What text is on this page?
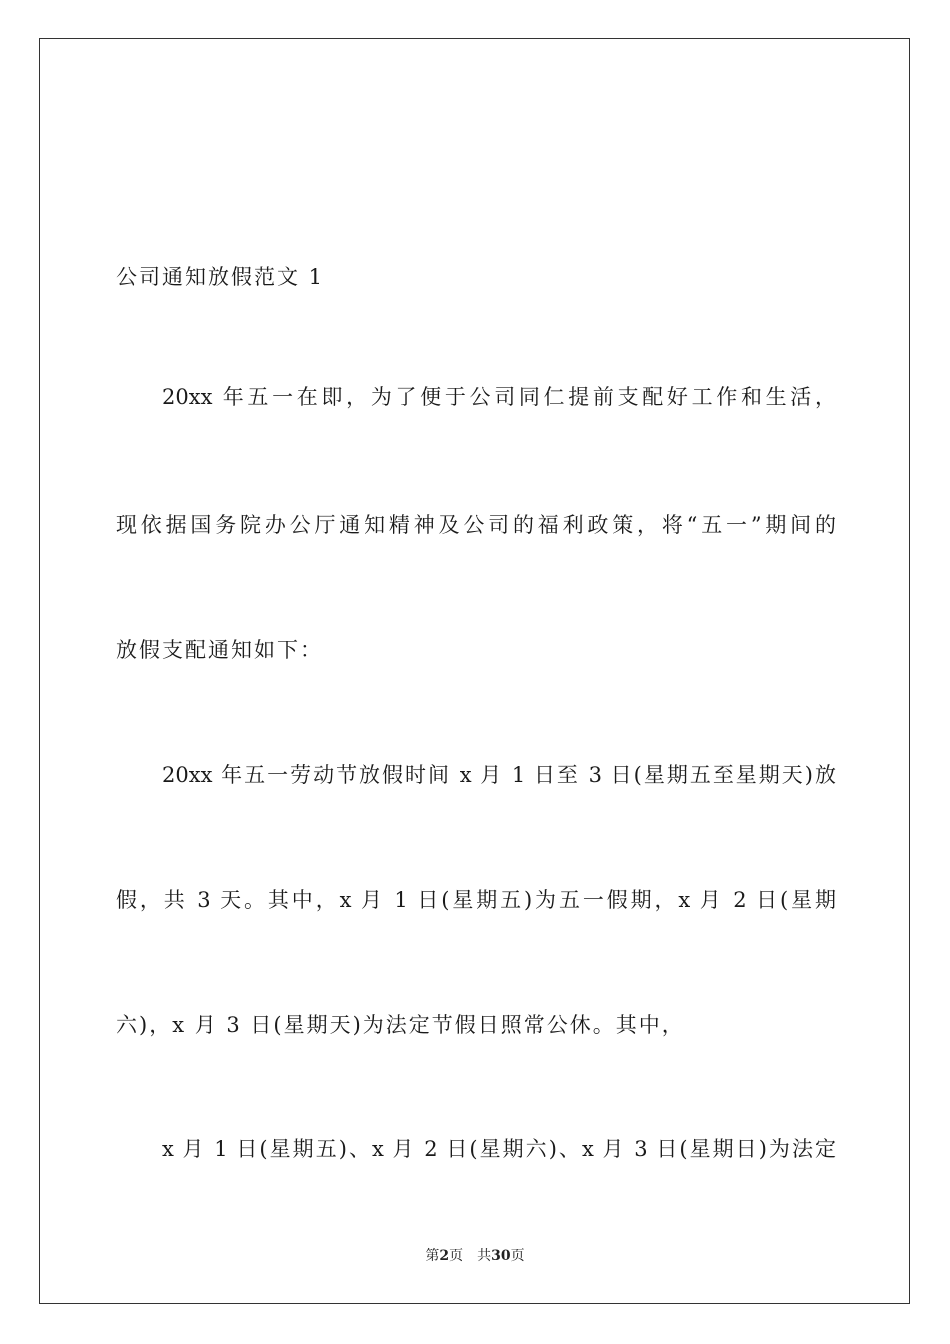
公司通知放假范文 1
20xx 年五一在即，为了便于公司同仁提前支配好工作和生活，
现依据国务院办公厅通知精神及公司的福利政策，将“五一”期间的
放假支配通知如下：
20xx 年五一劳动节放假时间 x 月 1 日至 3 日(星期五至星期天)放
假，共 3 天。其中，x 月 1 日(星期五)为五一假期，x 月 2 日(星期
六)，x 月 3 日(星期天)为法定节假日照常公休。其中，
x 月 1 日(星期五)、x 月 2 日(星期六)、x 月 3 日(星期日)为法定
第2页 共30页
